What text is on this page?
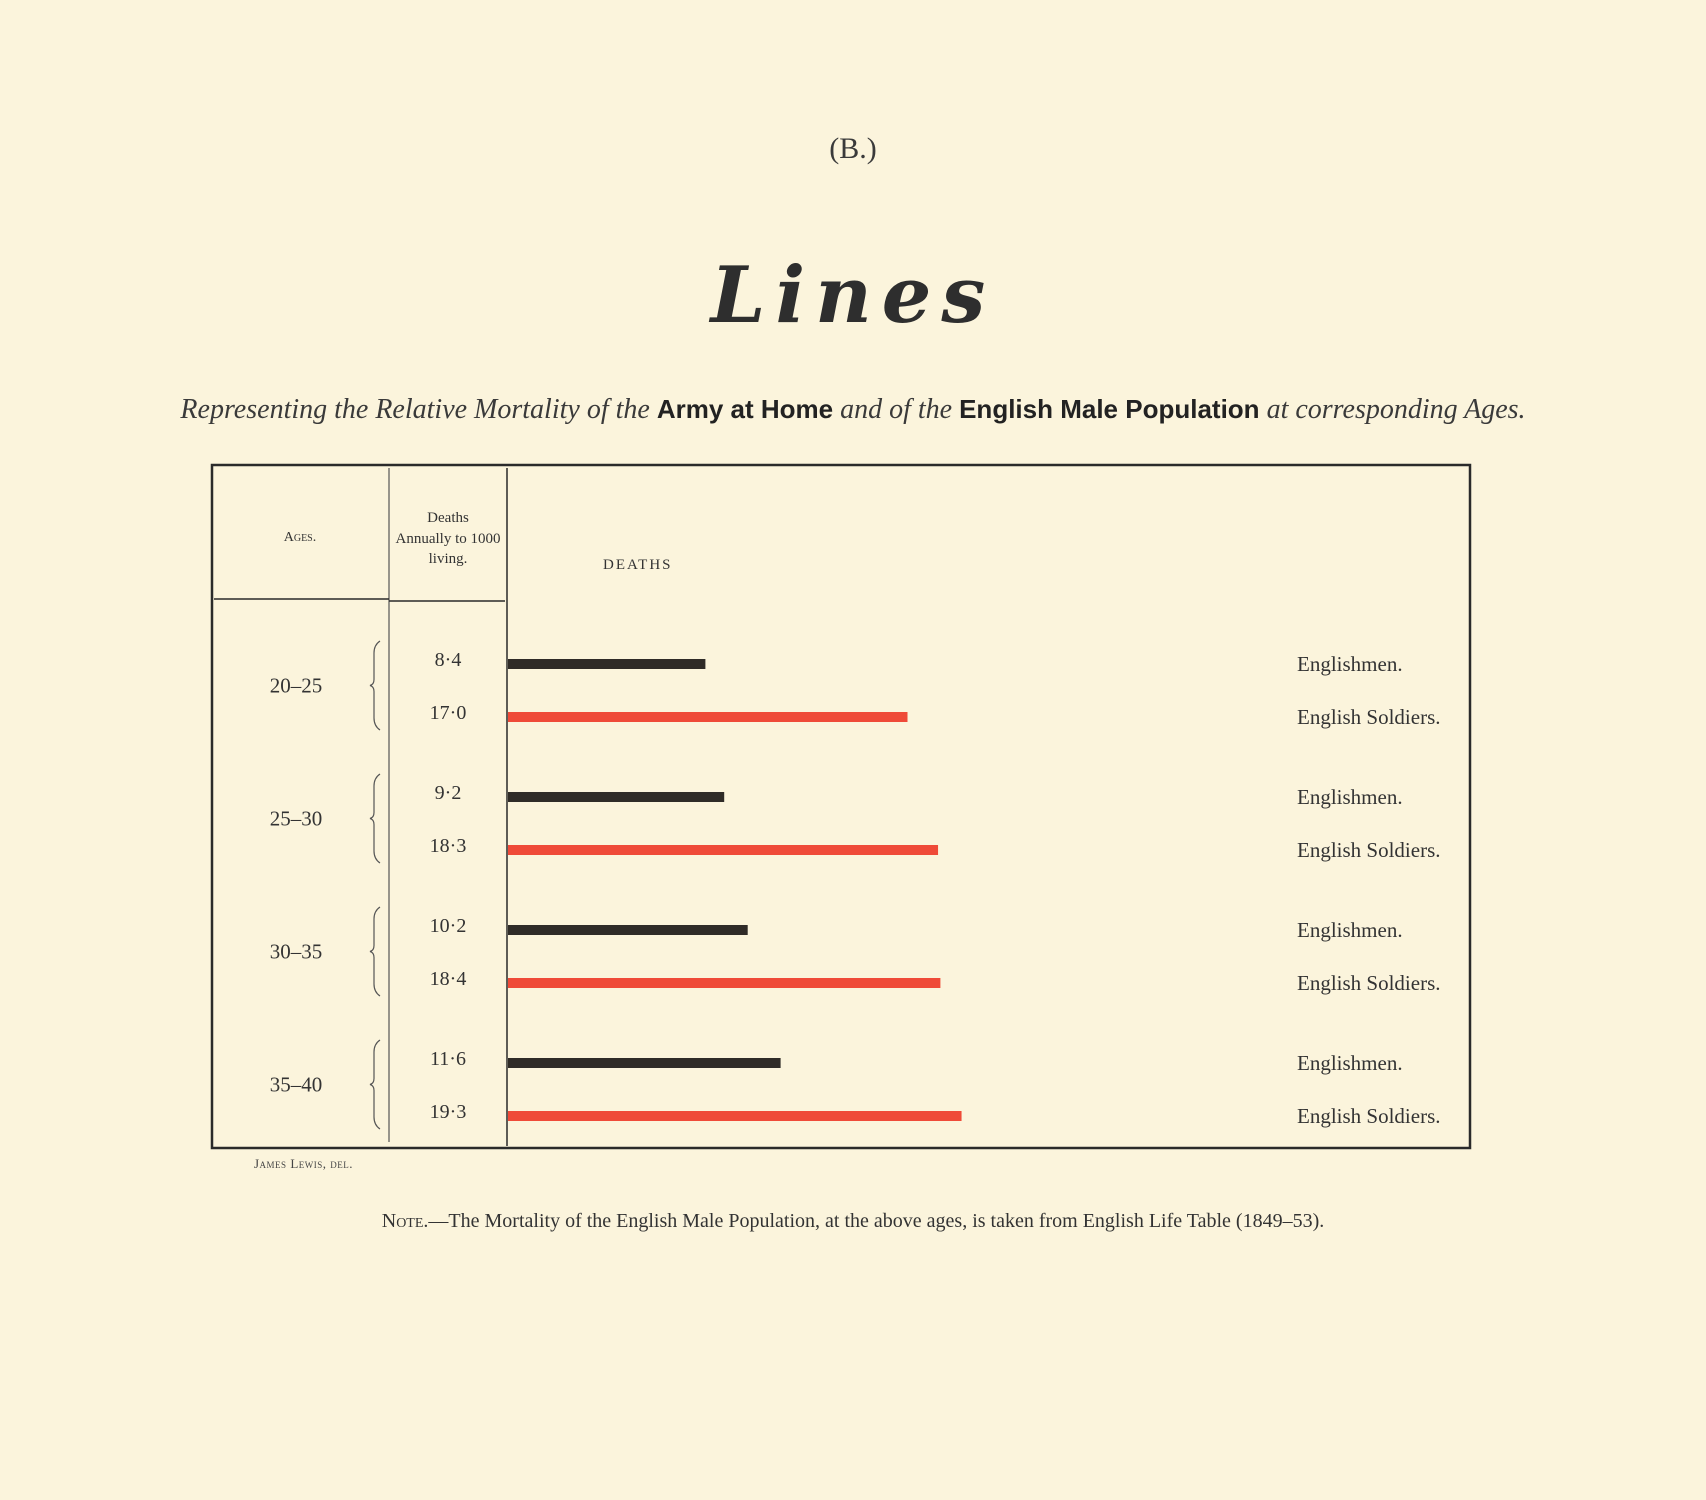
(B.)
Lines
Representing the Relative Mortality of the Army at Home and of the English Male Population at corresponding Ages.
Ages.
Deaths
Annually to 1000
living.	DEATHS
20–25
8·4	Englishmen.
17·0	English Soldiers.
25–30
9·2	Englishmen.
18·3	English Soldiers.
30–35
10·2	Englishmen.
18·4	English Soldiers.
35–40
11·6	Englishmen.
19·3	English Soldiers.
James Lewis, del.
Note.—The Mortality of the English Male Population, at the above ages, is taken from English Life Table (1849–53).
